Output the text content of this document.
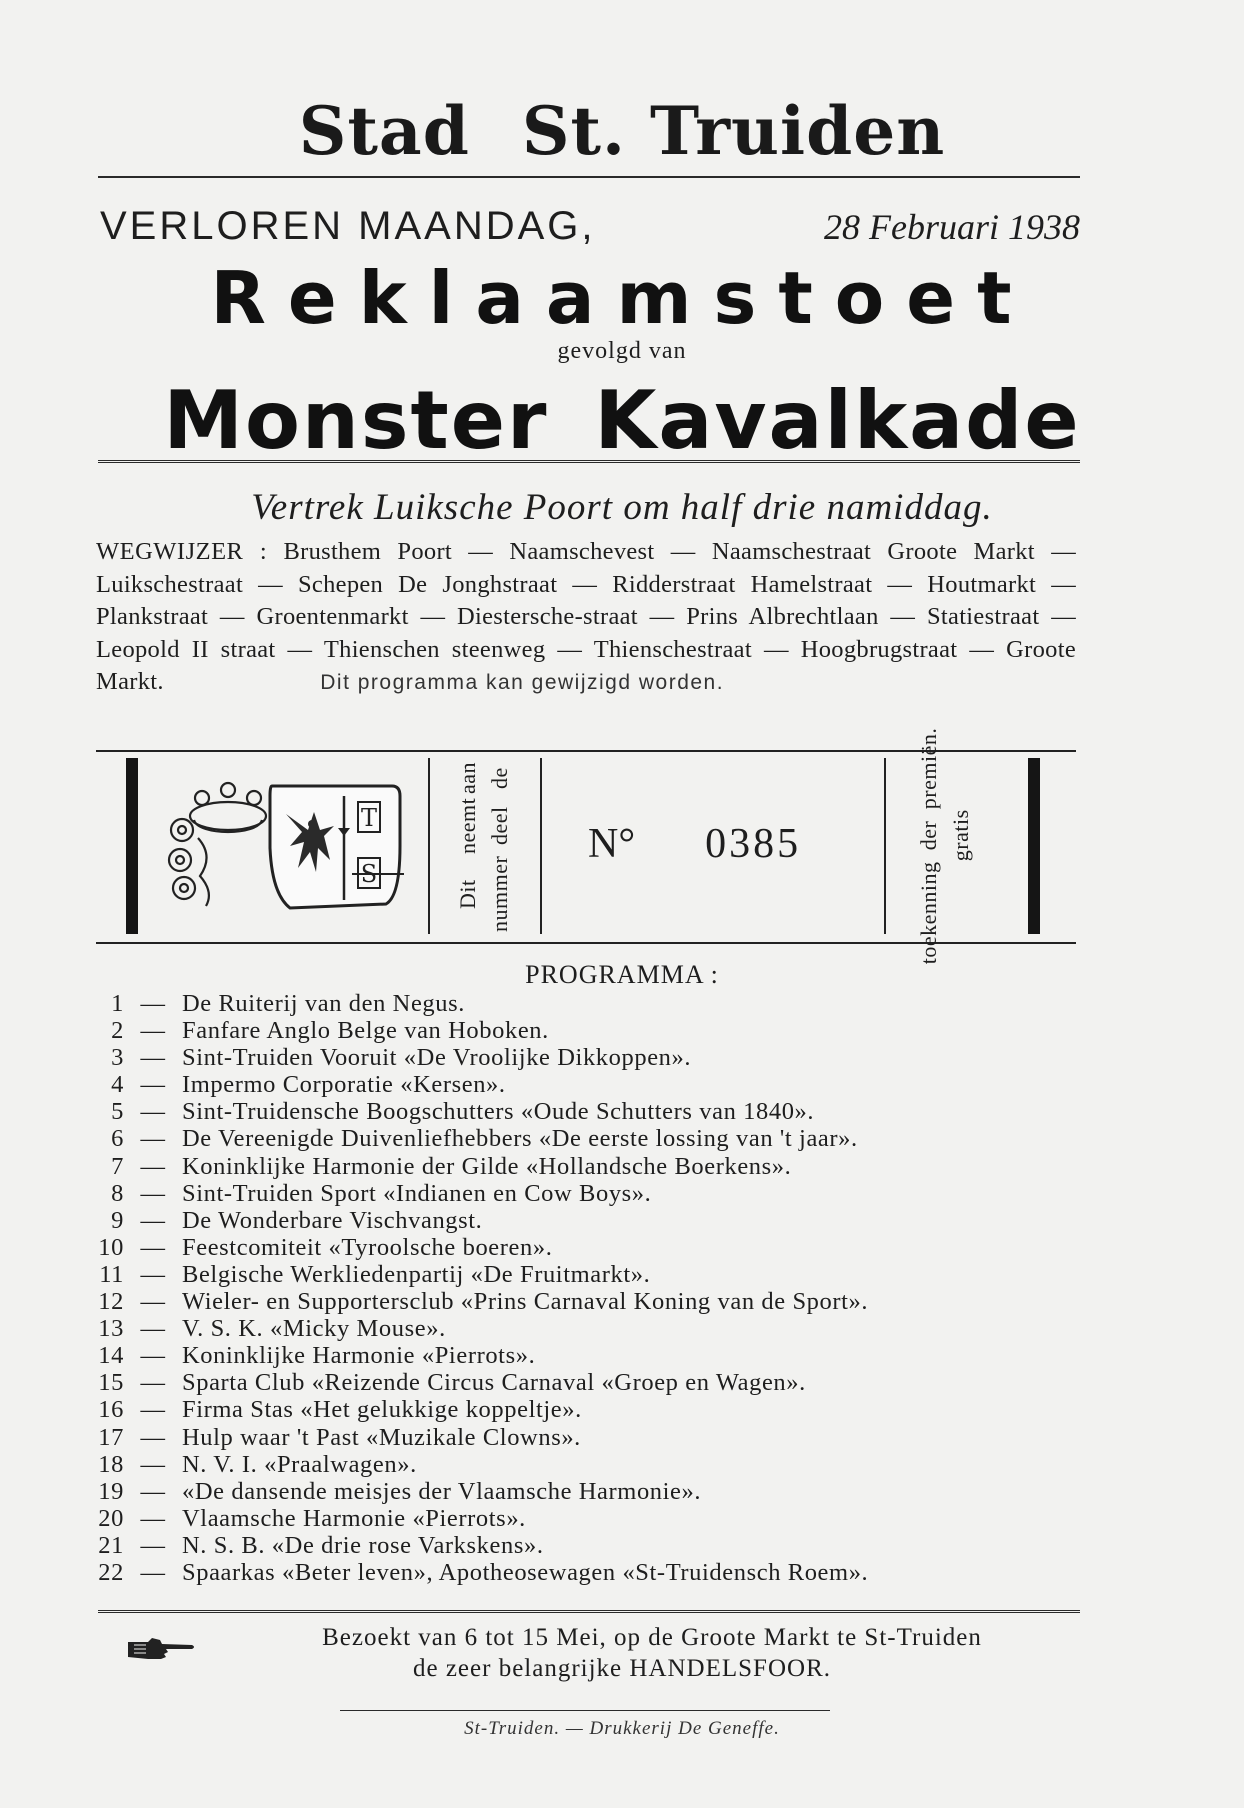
Stad St. Truiden
VERLOREN MAANDAG,	28 Februari 1938
Reklaamstoet
gevolgd van
Monster Kavalkade
Vertrek Luiksche Poort om half drie namiddag.
WEGWIJZER : Brusthem Poort — Naamschevest — Naamschestraat Groote Markt — Luikschestraat — Schepen De Jonghstraat — Ridderstraat Hamelstraat — Houtmarkt — Plankstraat — Groentenmarkt — Diestersche-straat — Prins Albrechtlaan — Statiestraat — Leopold II straat — Thienschen steenweg — Thienschestraat — Hoogbrugstraat — Groote Markt.	Dit programma kan gewijzigd worden.
T
S
Dit nummer
neemt deel
aan de
N° 0385
toekenning
der gratis
premiën.
PROGRAMMA :
1 — De Ruiterij van den Negus.
2 — Fanfare Anglo Belge van Hoboken.
3 — Sint-Truiden Vooruit «De Vroolijke Dikkoppen».
4 — Impermo Corporatie «Kersen».
5 — Sint-Truidensche Boogschutters «Oude Schutters van 1840».
6 — De Vereenigde Duivenliefhebbers «De eerste lossing van 't jaar».
7 — Koninklijke Harmonie der Gilde «Hollandsche Boerkens».
8 — Sint-Truiden Sport «Indianen en Cow Boys».
9 — De Wonderbare Vischvangst.
10 — Feestcomiteit «Tyroolsche boeren».
11 — Belgische Werkliedenpartij «De Fruitmarkt».
12 — Wieler- en Supportersclub «Prins Carnaval Koning van de Sport».
13 — V. S. K. «Micky Mouse».
14 — Koninklijke Harmonie «Pierrots».
15 — Sparta Club «Reizende Circus Carnaval «Groep en Wagen».
16 — Firma Stas «Het gelukkige koppeltje».
17 — Hulp waar 't Past «Muzikale Clowns».
18 — N. V. I. «Praalwagen».
19 — «De dansende meisjes der Vlaamsche Harmonie».
20 — Vlaamsche Harmonie «Pierrots».
21 — N. S. B. «De drie rose Varkskens».
22 — Spaarkas «Beter leven», Apotheosewagen «St-Truidensch Roem».
Bezoekt van 6 tot 15 Mei, op de Groote Markt te St-Truiden
de zeer belangrijke HANDELSFOOR.
St-Truiden. — Drukkerij De Geneffe.
